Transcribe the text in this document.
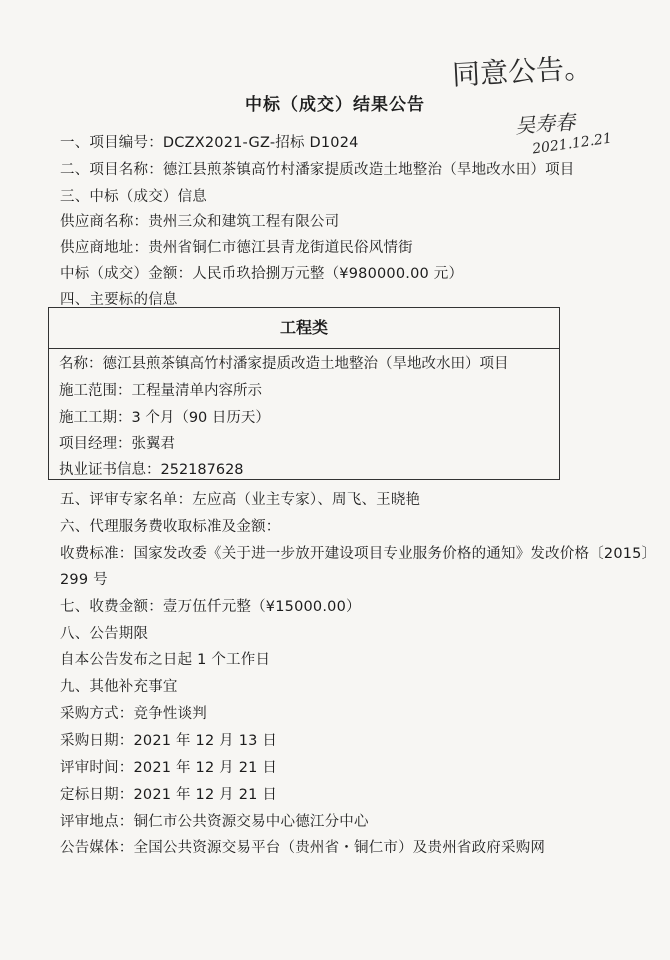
同意公告。
吴寿春
2021.12.21
中标（成交）结果公告
一、项目编号：DCZX2021-GZ-招标 D1024
二、项目名称：德江县煎茶镇高竹村潘家提质改造土地整治（旱地改水田）项目
三、中标（成交）信息
供应商名称：贵州三众和建筑工程有限公司
供应商地址：贵州省铜仁市德江县青龙街道民俗风情街
中标（成交）金额：人民币玖拾捌万元整（¥980000.00 元）
四、主要标的信息
工程类
名称：德江县煎茶镇高竹村潘家提质改造土地整治（旱地改水田）项目
施工范围：工程量清单内容所示
施工工期：3 个月（90 日历天）
项目经理：张翼君
执业证书信息：252187628
五、评审专家名单：左应高（业主专家）、周飞、王晓艳
六、代理服务费收取标准及金额：
收费标准：国家发改委《关于进一步放开建设项目专业服务价格的通知》发改价格〔2015〕
299 号
七、收费金额：壹万伍仟元整（¥15000.00）
八、公告期限
自本公告发布之日起 1 个工作日
九、其他补充事宜
采购方式：竞争性谈判
采购日期：2021 年 12 月 13 日
评审时间：2021 年 12 月 21 日
定标日期：2021 年 12 月 21 日
评审地点：铜仁市公共资源交易中心德江分中心
公告媒体：全国公共资源交易平台（贵州省・铜仁市）及贵州省政府采购网
